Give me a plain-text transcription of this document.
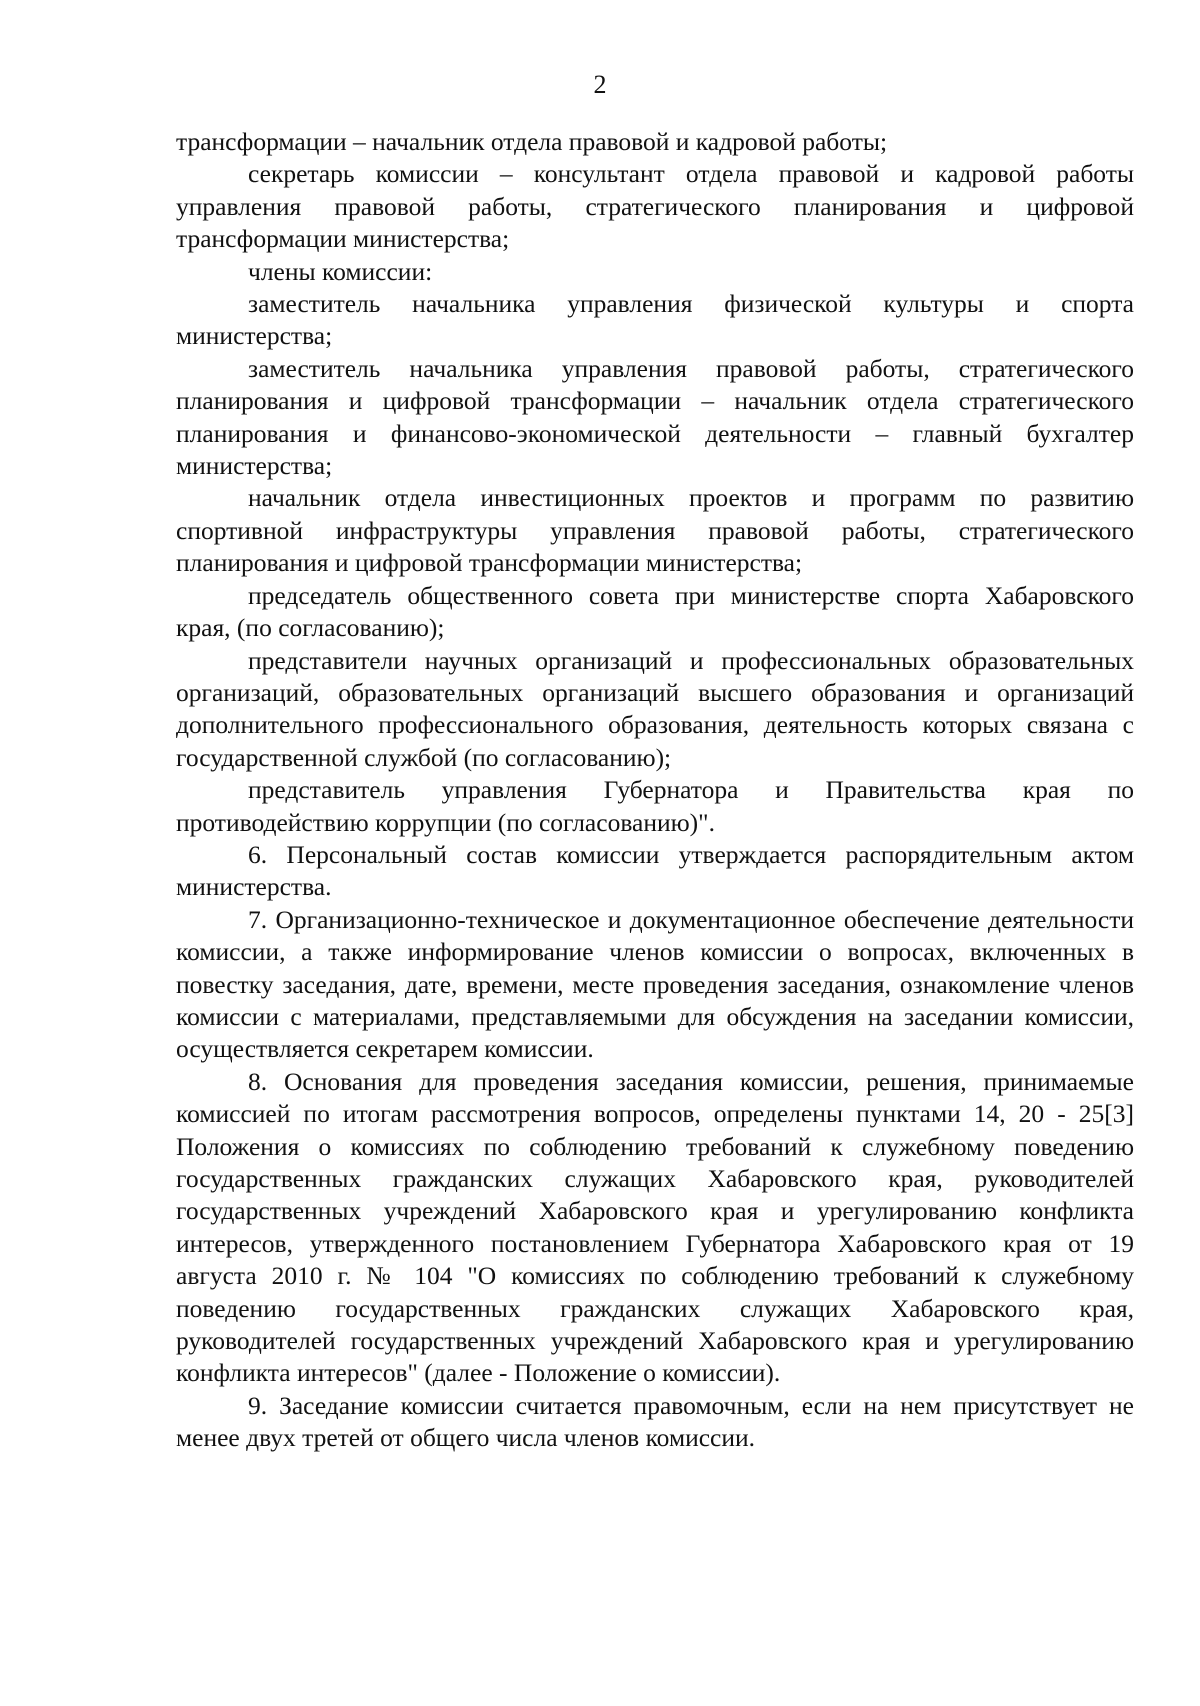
2

трансформации – начальник отдела правовой и кадровой работы;

секретарь комиссии – консультант отдела правовой и кадровой работы управления правовой работы, стратегического планирования и цифровой трансформации министерства;

члены комиссии:

заместитель начальника управления физической культуры и спорта министерства;

заместитель начальника управления правовой работы, стратегического планирования и цифровой трансформации – начальник отдела стратегического планирования и финансово-экономической деятельности – главный бухгалтер министерства;

начальник отдела инвестиционных проектов и программ по развитию спортивной инфраструктуры управления правовой работы, стратегического планирования и цифровой трансформации министерства;

председатель общественного совета при министерстве спорта Хабаровского края, (по согласованию);

представители научных организаций и профессиональных образовательных организаций, образовательных организаций высшего образования и организаций дополнительного профессионального образования, деятельность которых связана с государственной службой (по согласованию);

представитель управления Губернатора и Правительства края по противодействию коррупции (по согласованию)".

6. Персональный состав комиссии утверждается распорядительным актом министерства.

7. Организационно-техническое и документационное обеспечение деятельности комиссии, а также информирование членов комиссии о вопросах, включенных в повестку заседания, дате, времени, месте проведения заседания, ознакомление членов комиссии с материалами, представляемыми для обсуждения на заседании комиссии, осуществляется секретарем комиссии.

8. Основания для проведения заседания комиссии, решения, принимаемые комиссией по итогам рассмотрения вопросов, определены пунктами 14, 20 - 25[3] Положения о комиссиях по соблюдению требований к служебному поведению государственных гражданских служащих Хабаровского края, руководителей государственных учреждений Хабаровского края и урегулированию конфликта интересов, утвержденного постановлением Губернатора Хабаровского края от 19 августа 2010 г. № 104 "О комиссиях по соблюдению требований к служебному поведению государственных гражданских служащих Хабаровского края, руководителей государственных учреждений Хабаровского края и урегулированию конфликта интересов" (далее - Положение о комиссии).

9. Заседание комиссии считается правомочным, если на нем присутствует не менее двух третей от общего числа членов комиссии.
